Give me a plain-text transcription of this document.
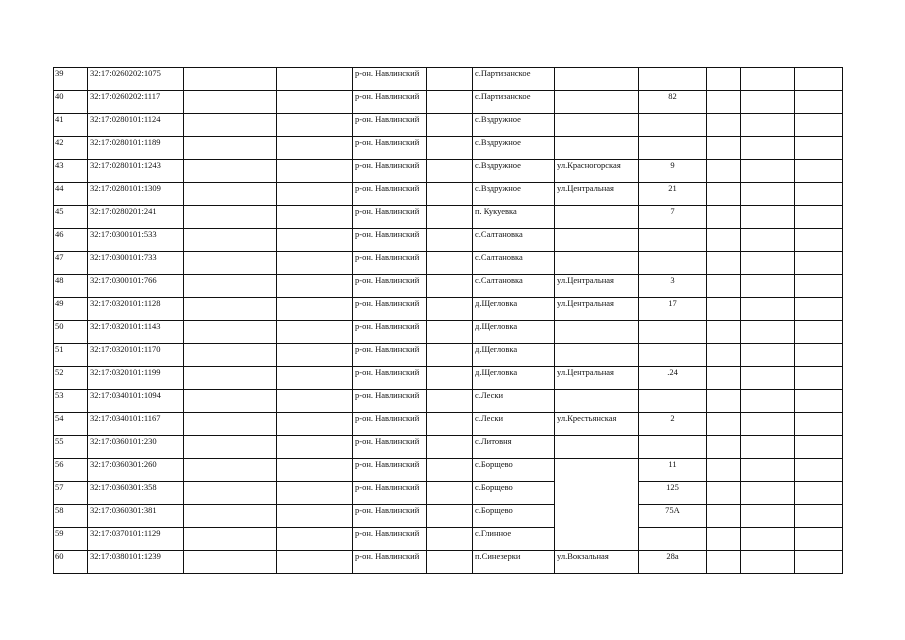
39	32:17:0260202:1075			р-он. Навлинский		с.Партизанское					
40	32:17:0260202:1117			р-он. Навлинский		с.Партизанское		82			
41	32:17:0280101:1124			р-он. Навлинский		с.Вздружное					
42	32:17:0280101:1189			р-он. Навлинский		с.Вздружное					
43	32:17:0280101:1243			р-он. Навлинский		с.Вздружное	ул.Красногорская	9			
44	32:17:0280101:1309			р-он. Навлинский		с.Вздружное	ул.Центральная	21			
45	32:17:0280201:241			р-он. Навлинский		п. Кукуевка		7			
46	32:17:0300101:533			р-он. Навлинский		с.Салтановка					
47	32:17:0300101:733			р-он. Навлинский		с.Салтановка					
48	32:17:0300101:766			р-он. Навлинский		с.Салтановка	ул.Центральная	3			
49	32:17:0320101:1128			р-он. Навлинский		д.Щегловка	ул.Центральная	17			
50	32:17:0320101:1143			р-он. Навлинский		д.Щегловка					
51	32:17:0320101:1170			р-он. Навлинский		д.Щегловка					
52	32:17:0320101:1199			р-он. Навлинский		д.Щегловка	ул.Центральная	.24			
53	32:17:0340101:1094			р-он. Навлинский		с.Лески					
54	32:17:0340101:1167			р-он. Навлинский		с.Лески	ул.Крестьянская	2			
55	32:17:0360101:230			р-он. Навлинский		с.Литовня					
56	32:17:0360301:260			р-он. Навлинский		с.Борщево		11			
57	32:17:0360301:358			р-он. Навлинский		с.Борщево		125			
58	32:17:0360301:381			р-он. Навлинский		с.Борщево		75А			
59	32:17:0370101:1129			р-он. Навлинский		с.Глинное					
60	32:17:0380101:1239			р-он. Навлинский		п.Синезерки	ул.Вокзальная	28а			
